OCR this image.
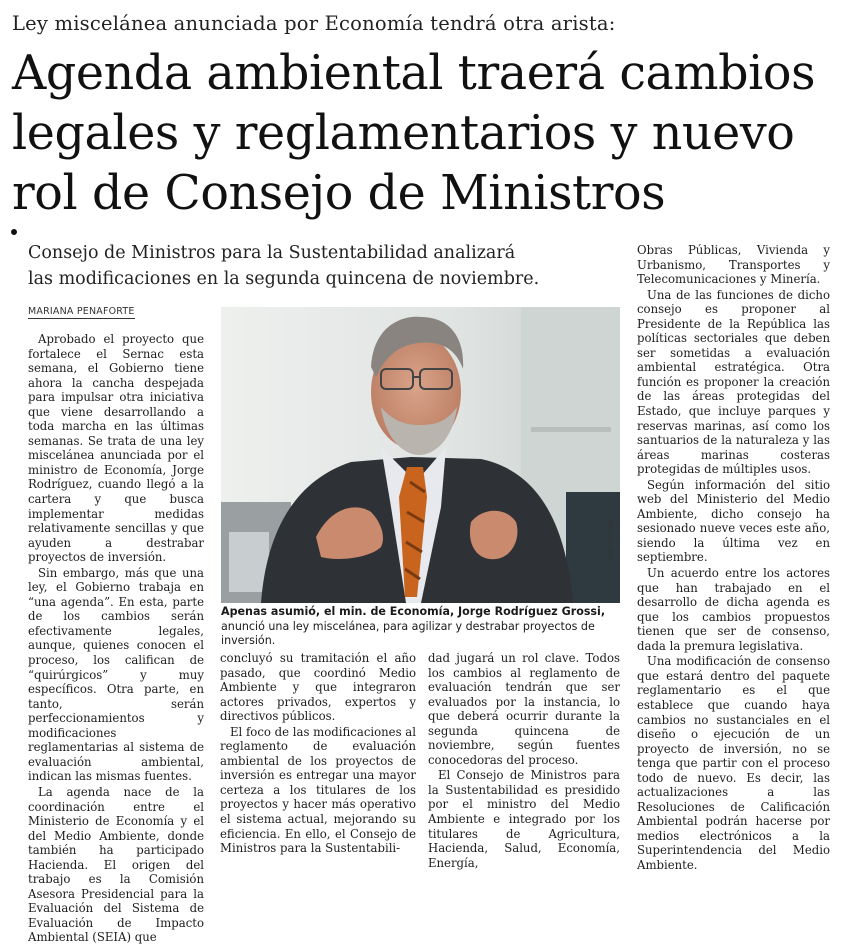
Ley miscelánea anunciada por Economía tendrá otra arista:
Agenda ambiental traerá cambios
legales y reglamentarios y nuevo
rol de Consejo de Ministros
Consejo de Ministros para la Sustentabilidad analizará
las modificaciones en la segunda quincena de noviembre.
MARIANA PENAFORTE

Aprobado el proyecto que fortalece el Sernac esta semana, el Gobierno tiene ahora la cancha despejada para impulsar otra iniciativa que viene desarrollando a toda marcha en las últimas semanas. Se trata de una ley miscelánea anunciada por el ministro de Economía, Jorge Rodríguez, cuando llegó a la cartera y que busca implementar medidas relativamente sencillas y que ayuden a destrabar proyectos de inversión.

Sin embargo, más que una ley, el Gobierno trabaja en “una agenda”. En esta, parte de los cambios serán efectivamente legales, aunque, quienes conocen el proceso, los califican de “quirúrgicos” y muy específicos. Otra parte, en tanto, serán perfeccionamientos y modificaciones reglamentarias al sistema de evaluación ambiental, indican las mismas fuentes.

La agenda nace de la coordinación entre el Ministerio de Economía y el del Medio Ambiente, donde también ha participado Hacienda. El origen del trabajo es la Comisión Asesora Presidencial para la Evaluación del Sistema de Evaluación de Impacto Ambiental (SEIA) que

JOSÉ ALVUJAR
Apenas asumió, el min. de Economía, Jorge Rodríguez Grossi, anunció una ley miscelánea, para agilizar y destrabar proyectos de inversión.

concluyó su tramitación el año pasado, que coordinó Medio Ambiente y que integraron actores privados, expertos y directivos públicos.

El foco de las modificaciones al reglamento de evaluación ambiental de los proyectos de inversión es entregar una mayor certeza a los titulares de los proyectos y hacer más operativo el sistema actual, mejorando su eficiencia. En ello, el Consejo de Ministros para la Sustentabili-

dad jugará un rol clave. Todos los cambios al reglamento de evaluación tendrán que ser evaluados por la instancia, lo que deberá ocurrir durante la segunda quincena de noviembre, según fuentes conocedoras del proceso.

El Consejo de Ministros para la Sustentabilidad es presidido por el ministro del Medio Ambiente e integrado por los titulares de Agricultura, Hacienda, Salud, Economía, Energía,

Obras Públicas, Vivienda y Urbanismo, Transportes y Telecomunicaciones y Minería.

Una de las funciones de dicho consejo es proponer al Presidente de la República las políticas sectoriales que deben ser sometidas a evaluación ambiental estratégica. Otra función es proponer la creación de las áreas protegidas del Estado, que incluye parques y reservas marinas, así como los santuarios de la naturaleza y las áreas marinas costeras protegidas de múltiples usos.

Según información del sitio web del Ministerio del Medio Ambiente, dicho consejo ha sesionado nueve veces este año, siendo la última vez en septiembre.

Un acuerdo entre los actores que han trabajado en el desarrollo de dicha agenda es que los cambios propuestos tienen que ser de consenso, dada la premura legislativa.

Una modificación de consenso que estará dentro del paquete reglamentario es el que establece que cuando haya cambios no sustanciales en el diseño o ejecución de un proyecto de inversión, no se tenga que partir con el proceso todo de nuevo. Es decir, las actualizaciones a las Resoluciones de Calificación Ambiental podrán hacerse por medios electrónicos a la Superintendencia del Medio Ambiente.
